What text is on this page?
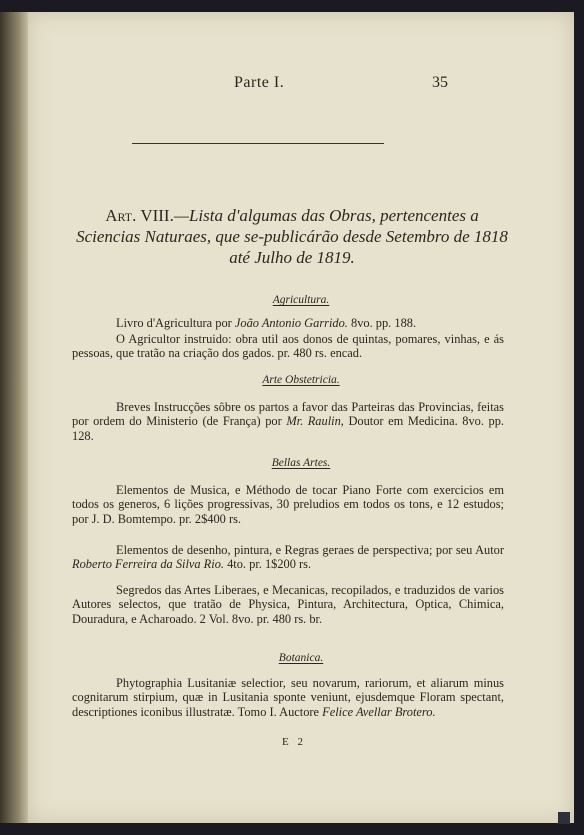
Parte I.	35
Art. VIII.—Lista d'algumas das Obras, pertencentes a Sciencias Naturaes, que se-publicárão desde Setembro de 1818 até Julho de 1819.
Agricultura.
Livro d'Agricultura por João Antonio Garrido. 8vo. pp. 188.
O Agricultor instruido: obra util aos donos de quintas, pomares, vinhas, e ás pessoas, que tratão na criação dos gados. pr. 480 rs. encad.
Arte Obstetricia.
Breves Instrucções sôbre os partos a favor das Parteiras das Provincias, feitas por ordem do Ministerio (de França) por Mr. Raulin, Doutor em Medicina. 8vo. pp. 128.
Bellas Artes.
Elementos de Musica, e Méthodo de tocar Piano Forte com exercicios em todos os generos, 6 lições progressivas, 30 preludios em todos os tons, e 12 estudos; por J. D. Bomtempo. pr. 2$400 rs.
Elementos de desenho, pintura, e Regras geraes de perspectiva; por seu Autor Roberto Ferreira da Silva Rio. 4to. pr. 1$200 rs.
Segredos das Artes Liberaes, e Mecanicas, recopilados, e traduzidos de varios Autores selectos, que tratão de Physica, Pintura, Architectura, Optica, Chimica, Douradura, e Acharoado. 2 Vol. 8vo. pr. 480 rs. br.
Botanica.
Phytographia Lusitaniæ selectior, seu novarum, rariorum, et aliarum minus cognitarum stirpium, quæ in Lusitania sponte veniunt, ejusdemque Floram spectant, descriptiones iconibus illustratæ. Tomo I. Auctore Felice Avellar Brotero.
E 2
